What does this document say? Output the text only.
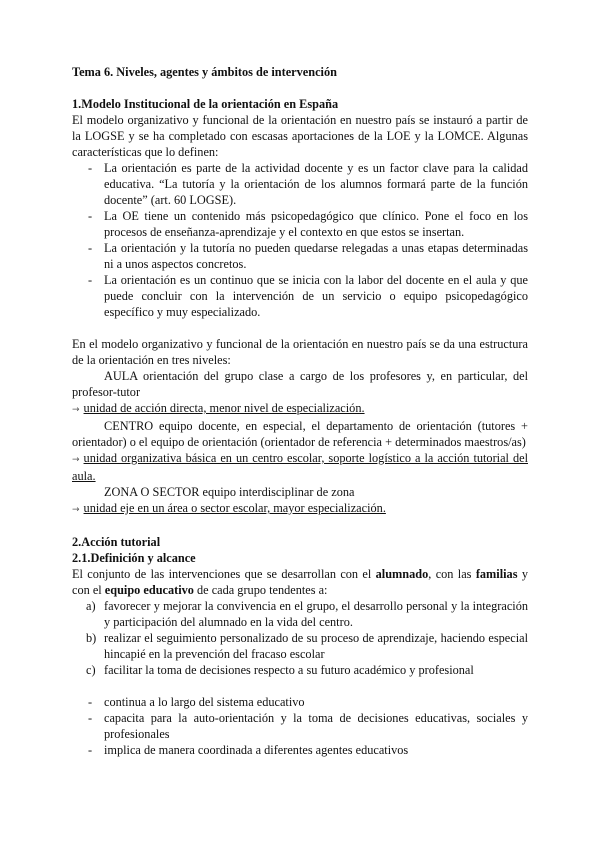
Tema 6. Niveles, agentes y ámbitos de intervención

1.Modelo Institucional de la orientación en España

El modelo organizativo y funcional de la orientación en nuestro país se instauró a partir de la LOGSE y se ha completado con escasas aportaciones de la LOE y la LOMCE. Algunas características que lo definen:

- La orientación es parte de la actividad docente y es un factor clave para la calidad educativa. “La tutoría y la orientación de los alumnos formará parte de la función docente” (art. 60 LOGSE).
- La OE tiene un contenido más psicopedagógico que clínico. Pone el foco en los procesos de enseñanza-aprendizaje y el contexto en que estos se insertan.
- La orientación y la tutoría no pueden quedarse relegadas a unas etapas determinadas ni a unos aspectos concretos.
- La orientación es un continuo que se inicia con la labor del docente en el aula y que puede concluir con la intervención de un servicio o equipo psicopedagógico específico y muy especializado.

En el modelo organizativo y funcional de la orientación en nuestro país se da una estructura de la orientación en tres niveles:

AULA orientación del grupo clase a cargo de los profesores y, en particular, del profesor-tutor

→ unidad de acción directa, menor nivel de especialización.

CENTRO equipo docente, en especial, el departamento de orientación (tutores + orientador) o el equipo de orientación (orientador de referencia + determinados maestros/as)

→ unidad organizativa básica en un centro escolar, soporte logístico a la acción tutorial del aula.

ZONA O SECTOR equipo interdisciplinar de zona

→ unidad eje en un área o sector escolar, mayor especialización.

2.Acción tutorial

2.1.Definición y alcance

El conjunto de las intervenciones que se desarrollan con el alumnado, con las familias y con el equipo educativo de cada grupo tendentes a:

a) favorecer y mejorar la convivencia en el grupo, el desarrollo personal y la integración y participación del alumnado en la vida del centro.
b) realizar el seguimiento personalizado de su proceso de aprendizaje, haciendo especial hincapié en la prevención del fracaso escolar
c) facilitar la toma de decisiones respecto a su futuro académico y profesional
- continua a lo largo del sistema educativo
- capacita para la auto-orientación y la toma de decisiones educativas, sociales y profesionales
- implica de manera coordinada a diferentes agentes educativos
